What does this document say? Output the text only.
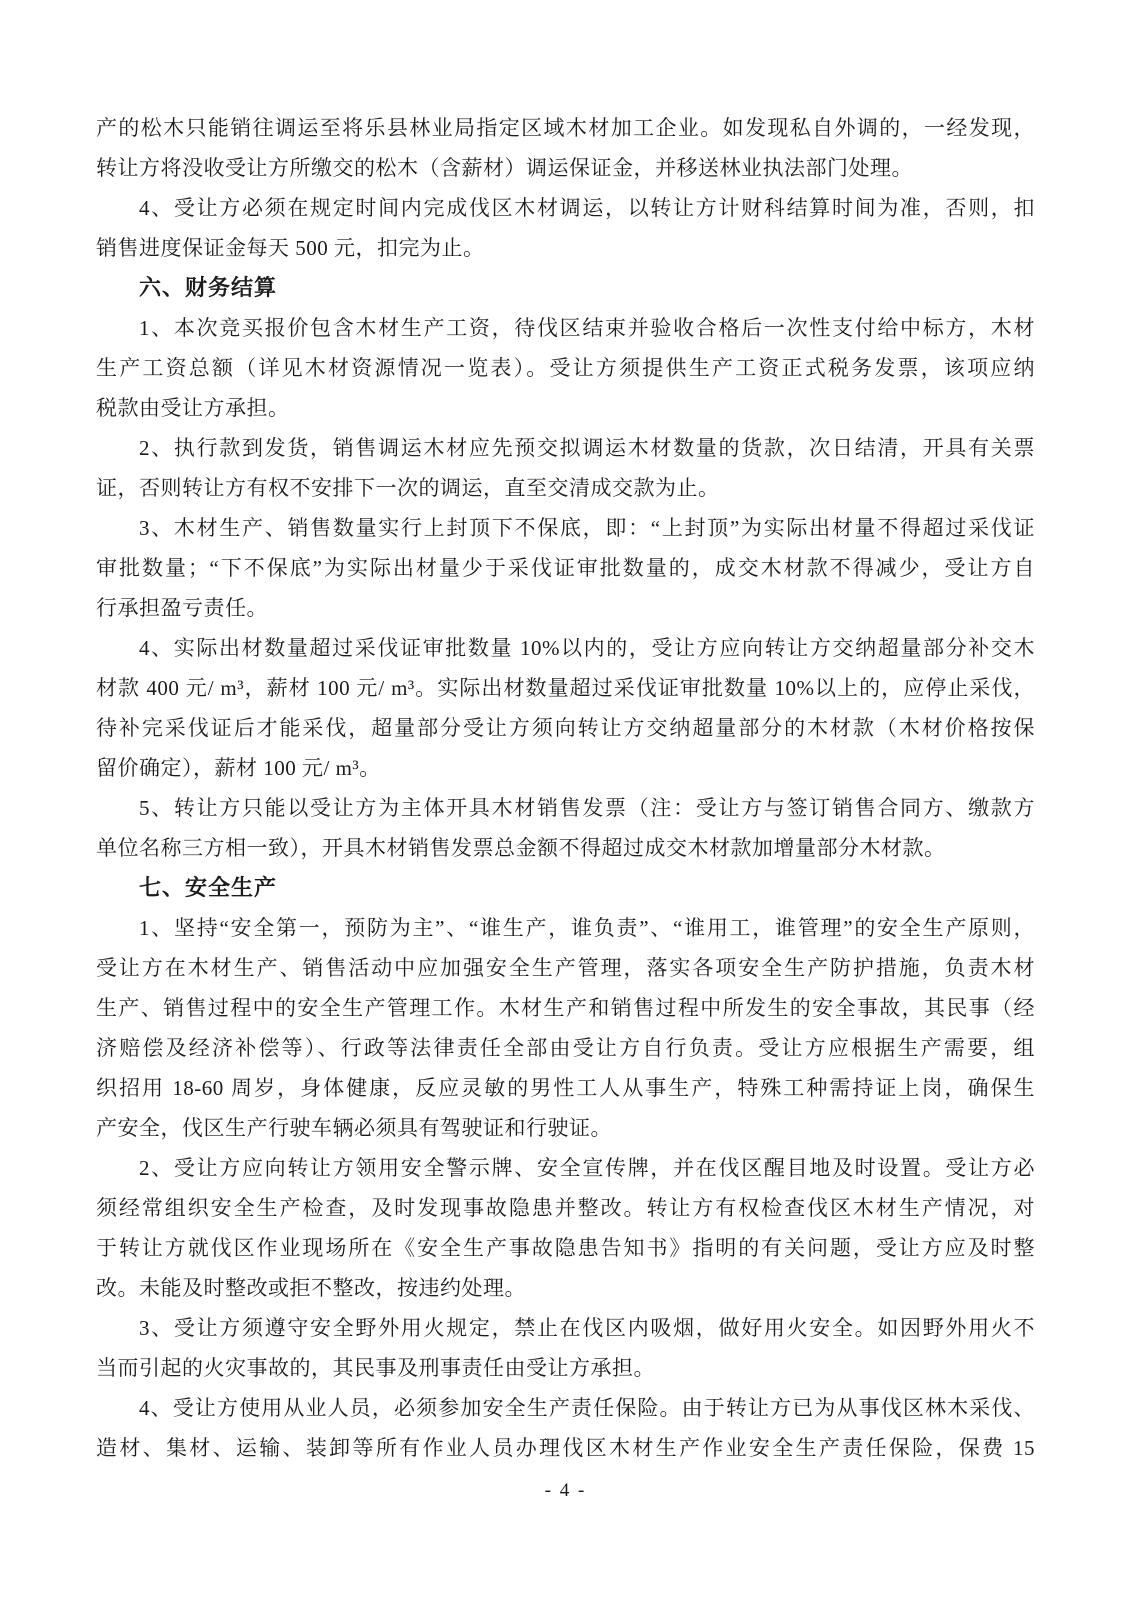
产的松木只能销往调运至将乐县林业局指定区域木材加工企业。如发现私自外调的，一经发现，
转让方将没收受让方所缴交的松木（含薪材）调运保证金，并移送林业执法部门处理。
4、受让方必须在规定时间内完成伐区木材调运，以转让方计财科结算时间为准，否则，扣
销售进度保证金每天 500 元，扣完为止。
六、财务结算
1、本次竞买报价包含木材生产工资，待伐区结束并验收合格后一次性支付给中标方，木材
生产工资总额（详见木材资源情况一览表）。受让方须提供生产工资正式税务发票，该项应纳
税款由受让方承担。
2、执行款到发货，销售调运木材应先预交拟调运木材数量的货款，次日结清，开具有关票
证，否则转让方有权不安排下一次的调运，直至交清成交款为止。
3、木材生产、销售数量实行上封顶下不保底，即：“上封顶”为实际出材量不得超过采伐证
审批数量；“下不保底”为实际出材量少于采伐证审批数量的，成交木材款不得减少，受让方自
行承担盈亏责任。
4、实际出材数量超过采伐证审批数量 10%以内的，受让方应向转让方交纳超量部分补交木
材款 400 元/ m³，薪材 100 元/ m³。实际出材数量超过采伐证审批数量 10%以上的，应停止采伐，
待补完采伐证后才能采伐，超量部分受让方须向转让方交纳超量部分的木材款（木材价格按保
留价确定），薪材 100 元/ m³。
5、转让方只能以受让方为主体开具木材销售发票（注：受让方与签订销售合同方、缴款方
单位名称三方相一致），开具木材销售发票总金额不得超过成交木材款加增量部分木材款。
七、安全生产
1、坚持“安全第一，预防为主”、“谁生产，谁负责”、“谁用工，谁管理”的安全生产原则，
受让方在木材生产、销售活动中应加强安全生产管理，落实各项安全生产防护措施，负责木材
生产、销售过程中的安全生产管理工作。木材生产和销售过程中所发生的安全事故，其民事（经
济赔偿及经济补偿等）、行政等法律责任全部由受让方自行负责。受让方应根据生产需要，组
织招用 18-60 周岁，身体健康，反应灵敏的男性工人从事生产，特殊工种需持证上岗，确保生
产安全，伐区生产行驶车辆必须具有驾驶证和行驶证。
2、受让方应向转让方领用安全警示牌、安全宣传牌，并在伐区醒目地及时设置。受让方必
须经常组织安全生产检查，及时发现事故隐患并整改。转让方有权检查伐区木材生产情况，对
于转让方就伐区作业现场所在《安全生产事故隐患告知书》指明的有关问题，受让方应及时整
改。未能及时整改或拒不整改，按违约处理。
3、受让方须遵守安全野外用火规定，禁止在伐区内吸烟，做好用火安全。如因野外用火不
当而引起的火灾事故的，其民事及刑事责任由受让方承担。
4、受让方使用从业人员，必须参加安全生产责任保险。由于转让方已为从事伐区林木采伐、
造材、集材、运输、装卸等所有作业人员办理伐区木材生产作业安全生产责任保险，保费 15
- 4 -
